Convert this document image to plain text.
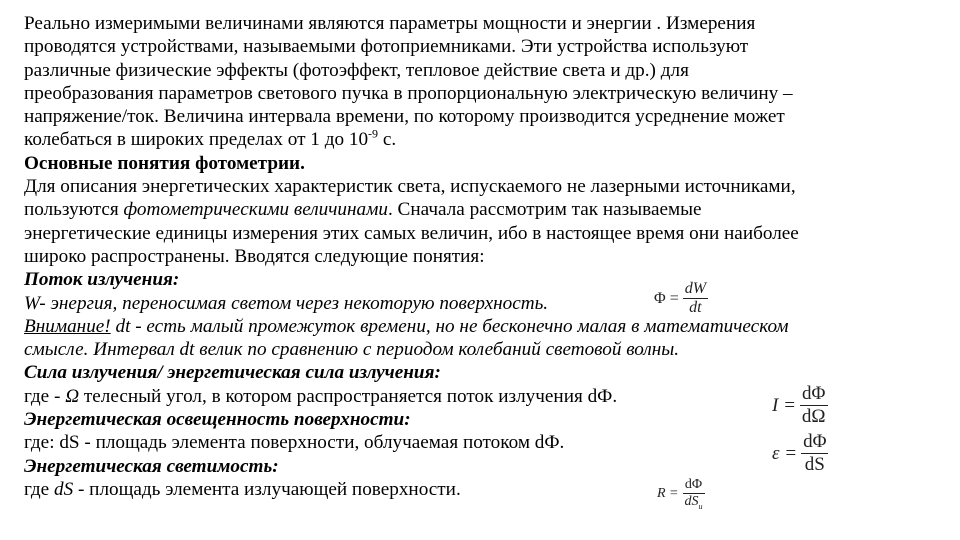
Реально измеримыми величинами являются параметры мощности и энергии . Измерения
проводятся устройствами, называемыми фотоприемниками. Эти устройства используют
различные физические эффекты (фотоэффект, тепловое действие света и др.) для
преобразования параметров светового пучка в пропорциональную электрическую величину –
напряжение/ток. Величина интервала времени, по которому производится усреднение может
колебаться в широких пределах от 1 до $10^{-9}$ с.
Основные понятия фотометрии.
Для описания энергетических характеристик света, испускаемого не лазерными источниками,
пользуются фотометрическими величинами. Сначала рассмотрим так называемые
энергетические единицы измерения этих самых величин, ибо в настоящее время они наиболее
широко распространены. Вводятся следующие понятия:
Поток излучения:
W- энергия, переносимая светом через некоторую поверхность.
Внимание! dt - есть малый промежуток времени, но не бесконечно малая в математическом
смысле. Интервал dt велик по сравнению с периодом колебаний световой волны.
Сила излучения/ энергетическая сила излучения:
где - Ω телесный угол, в котором распространяется поток излучения dФ.
Энергетическая освещенность поверхности:
где: dS - площадь элемента поверхности, облучаемая потоком dФ.
Энергетическая светимость:
где dS - площадь элемента излучающей поверхности.
$\Phi = \frac{dW}{dt}$
$I = \frac{d\Phi}{d\Omega}$
$\varepsilon = \frac{d\Phi}{dS}$
$R = \frac{d\Phi}{dS_u}$
